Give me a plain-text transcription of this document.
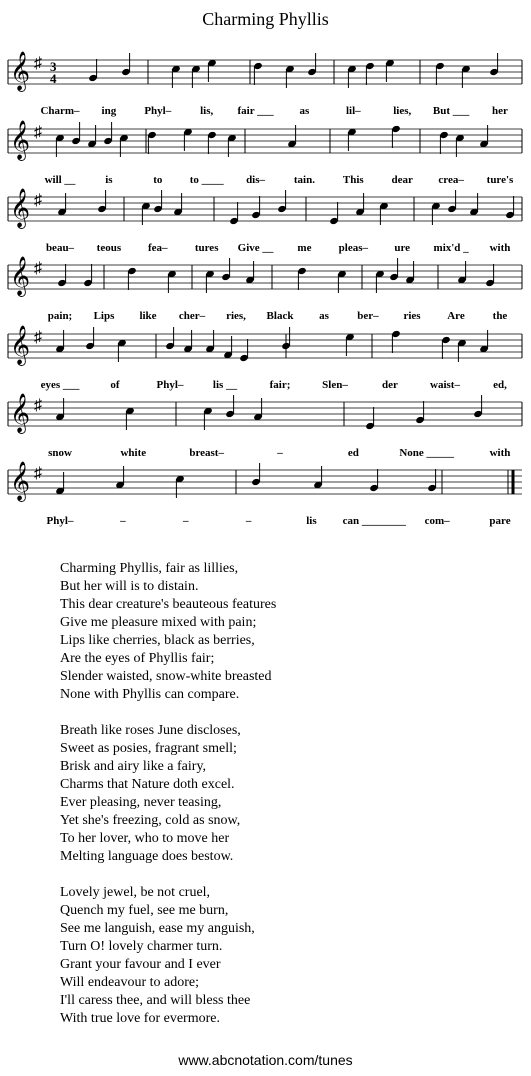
Charming Phyllis
𝄞 ♯ 3
4
Charm– ing	Phyl–	lis, fair ___ as	lil–	lies, But ___ her
𝄞 ♯
will __	is	to to ____ dis–	tain.	This	dear crea– ture's
𝄞 ♯
beau– teous fea– tures Give __ me pleas– ure mix'd _ with
𝄞 ♯
pain; Lips like cher– ries, Black as	ber– ries Are	the
𝄞 ♯
eyes ___	of	Phyl–	lis __	fair;	Slen–	der	waist–	ed,
𝄞 ♯
snow	white	breast–	–	ed	None _____	with
𝄞 ♯
Phyl–	–	–	–	lis can ________ com–	pare
Charming Phyllis, fair as lillies,
But her will is to distain.
This dear creature's beauteous features
Give me pleasure mixed with pain;
Lips like cherries, black as berries,
Are the eyes of Phyllis fair;
Slender waisted, snow-white breasted
None with Phyllis can compare.
Breath like roses June discloses,
Sweet as posies, fragrant smell;
Brisk and airy like a fairy,
Charms that Nature doth excel.
Ever pleasing, never teasing,
Yet she's freezing, cold as snow,
To her lover, who to move her
Melting language does bestow.
Lovely jewel, be not cruel,
Quench my fuel, see me burn,
See me languish, ease my anguish,
Turn O! lovely charmer turn.
Grant your favour and I ever
Will endeavour to adore;
I'll caress thee, and will bless thee
With true love for evermore.
www.abcnotation.com/tunes
